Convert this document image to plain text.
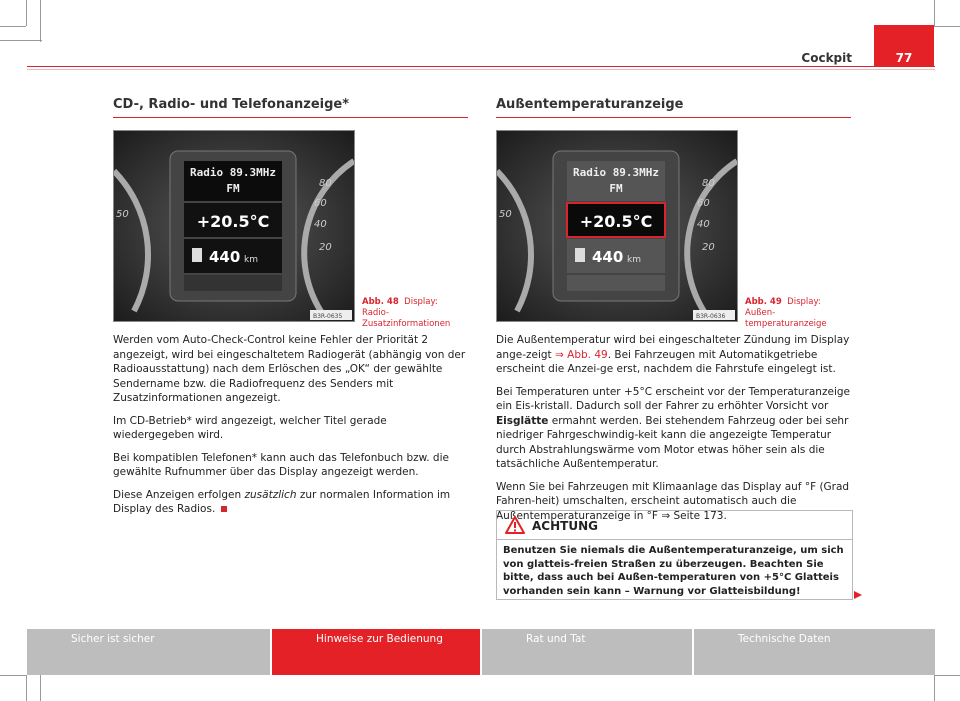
77
Cockpit
CD-, Radio- und Telefonanzeige*
80
60
40
20
50
Radio 89.3MHz
FM
+20.5°C
440 km
B3R-0635
Abb. 48 Display: Radio-Zusatzinformationen

Werden vom Auto-Check-Control keine Fehler der Priorität 2 angezeigt, wird bei eingeschaltetem Radiogerät (abhängig von der Radioausstattung) nach dem Erlöschen des „OK“ der gewählte Sendername bzw. die Radiofrequenz des Senders mit Zusatzinformationen angezeigt.

Im CD-Betrieb* wird angezeigt, welcher Titel gerade wiedergegeben wird.

Bei kompatiblen Telefonen* kann auch das Telefonbuch bzw. die gewählte Rufnummer über das Display angezeigt werden.

Diese Anzeigen erfolgen zusätzlich zur normalen Information im Display des Radios.

Außentemperaturanzeige
80
60
40
20
50
Radio 89.3MHz
FM
+20.5°C
440 km
B3R-0636
Abb. 49 Display: Außen-temperaturanzeige

Die Außentemperatur wird bei eingeschalteter Zündung im Display ange-zeigt ⇒ Abb. 49. Bei Fahrzeugen mit Automatikgetriebe erscheint die Anzei-ge erst, nachdem die Fahrstufe eingelegt ist.

Bei Temperaturen unter +5°C erscheint vor der Temperaturanzeige ein Eis-kristall. Dadurch soll der Fahrer zu erhöhter Vorsicht vor Eisglätte ermahnt werden. Bei stehendem Fahrzeug oder bei sehr niedriger Fahrgeschwindig-keit kann die angezeigte Temperatur durch Abstrahlungswärme vom Motor etwas höher sein als die tatsächliche Außentemperatur.

Wenn Sie bei Fahrzeugen mit Klimaanlage das Display auf °F (Grad Fahren-heit) umschalten, erscheint automatisch auch die Außentemperaturanzeige in °F ⇒ Seite 173.

ACHTUNG
Benutzen Sie niemals die Außentemperaturanzeige, um sich von glatteis-freien Straßen zu überzeugen. Beachten Sie bitte, dass auch bei Außen-temperaturen von +5°C Glatteis vorhanden sein kann – Warnung vor Glatteisbildung!
Sicher ist sicher	Hinweise zur Bedienung	Rat und Tat	Technische Daten
